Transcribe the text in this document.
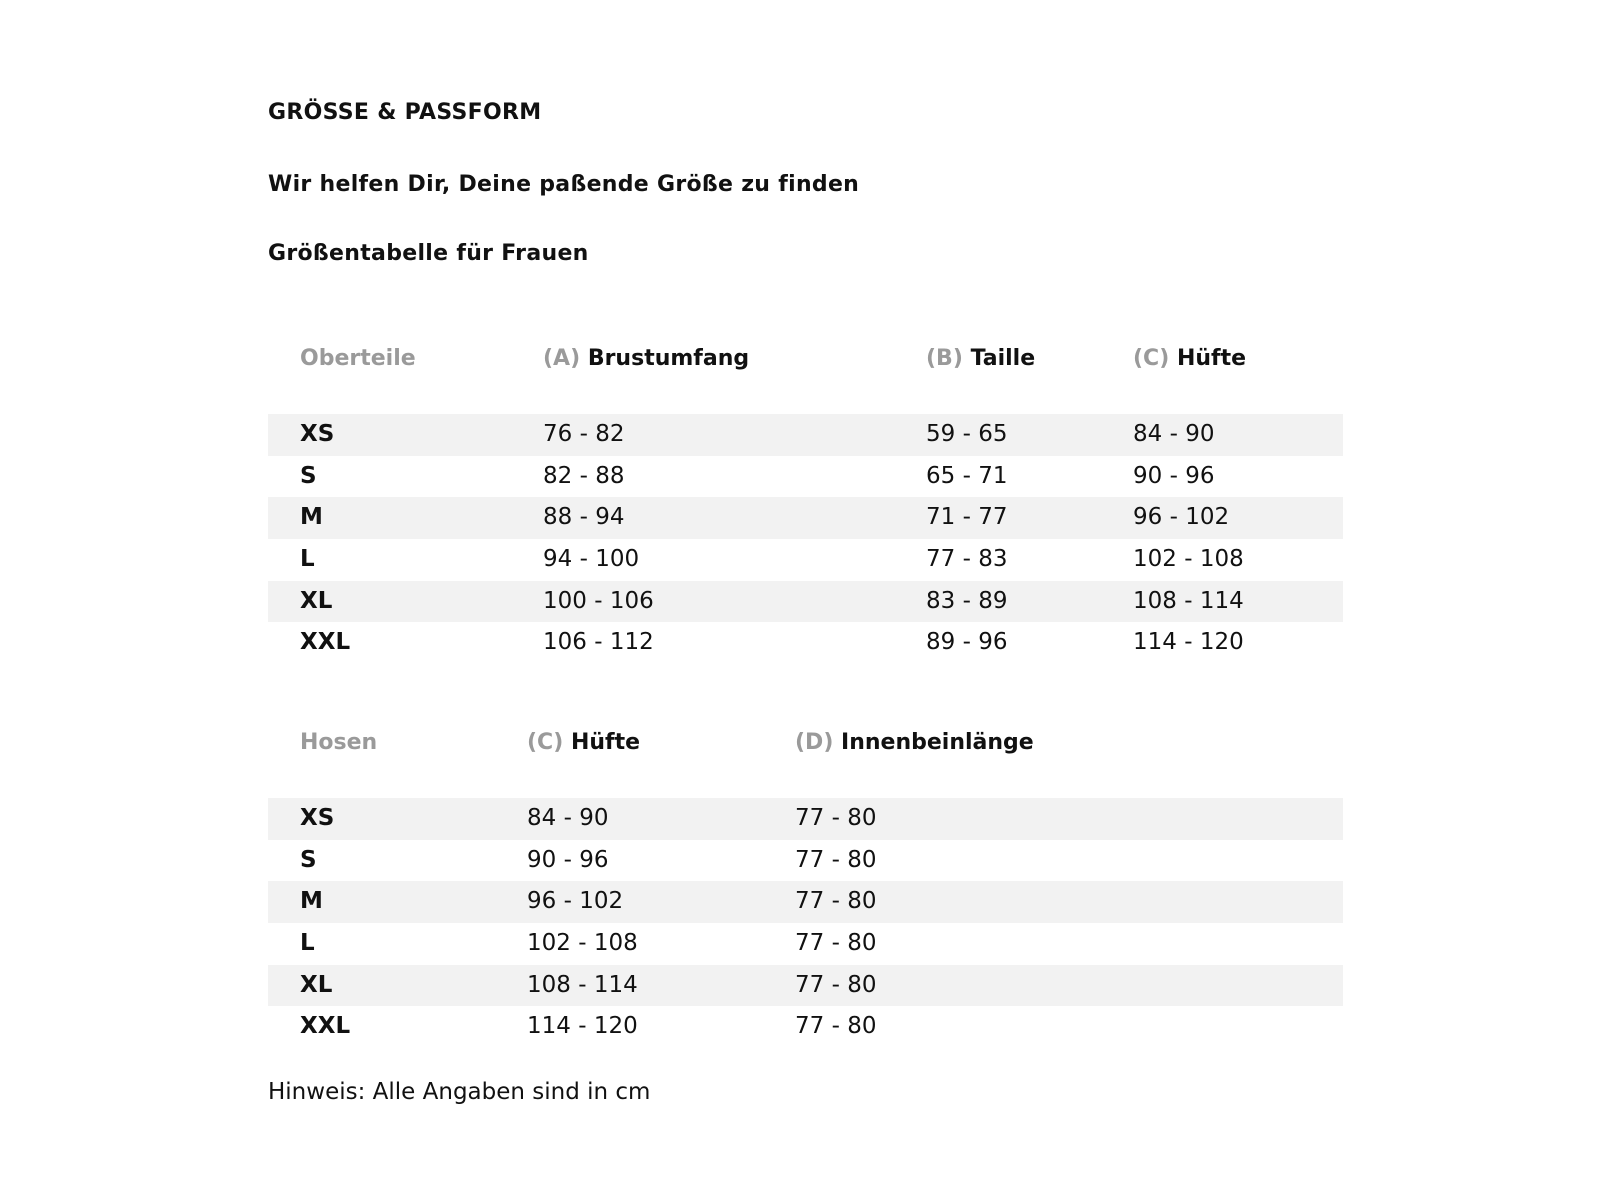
GRÖSSE & PASSFORM
Wir helfen Dir, Deine paßende Größe zu finden
Größentabelle für Frauen
Oberteile	(A) Brustumfang	(B) Taille	(C) Hüfte
XS	76 - 82	59 - 65	84 - 90
S	82 - 88	65 - 71	90 - 96
M	88 - 94	71 - 77	96 - 102
L	94 - 100	77 - 83	102 - 108
XL	100 - 106	83 - 89	108 - 114
XXL	106 - 112	89 - 96	114 - 120
Hosen	(C) Hüfte	(D) Innenbeinlänge
XS	84 - 90	77 - 80
S	90 - 96	77 - 80
M	96 - 102	77 - 80
L	102 - 108	77 - 80
XL	108 - 114	77 - 80
XXL	114 - 120	77 - 80
Hinweis: Alle Angaben sind in cm
